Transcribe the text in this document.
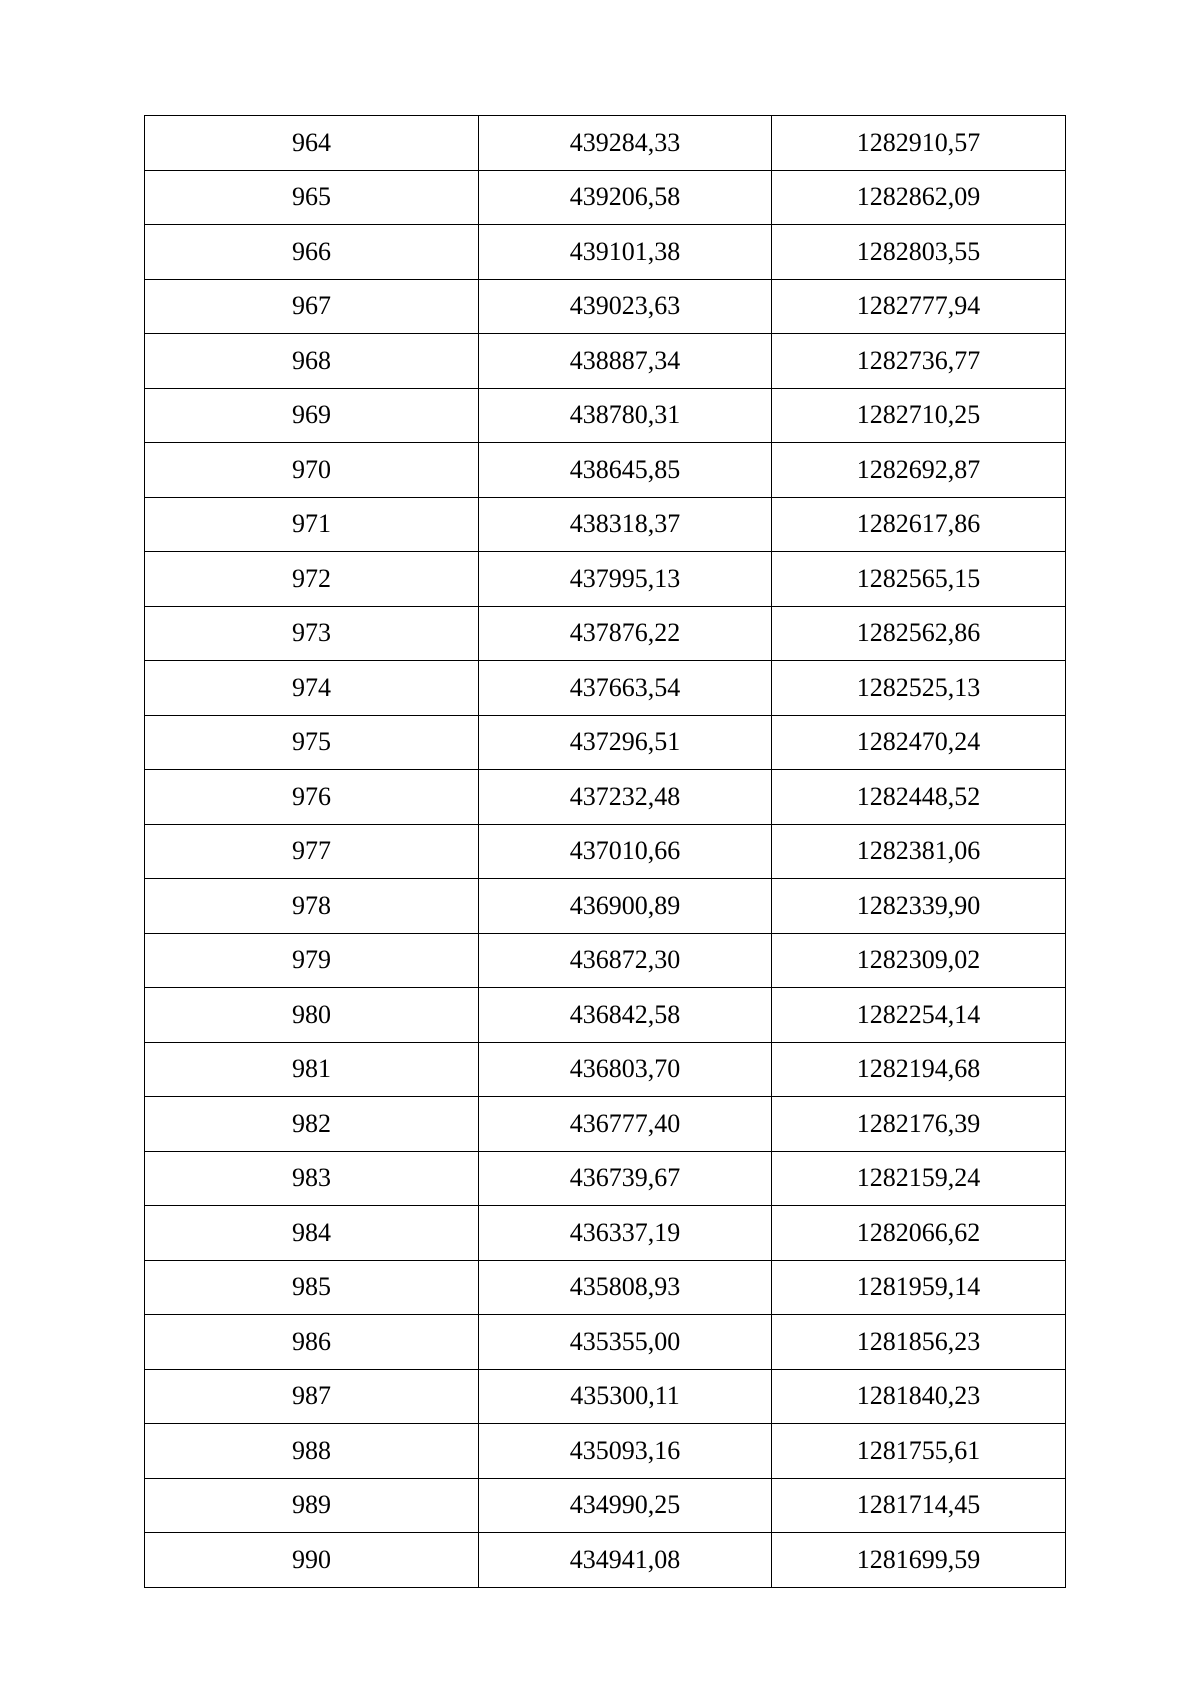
964	439284,33	1282910,57
965	439206,58	1282862,09
966	439101,38	1282803,55
967	439023,63	1282777,94
968	438887,34	1282736,77
969	438780,31	1282710,25
970	438645,85	1282692,87
971	438318,37	1282617,86
972	437995,13	1282565,15
973	437876,22	1282562,86
974	437663,54	1282525,13
975	437296,51	1282470,24
976	437232,48	1282448,52
977	437010,66	1282381,06
978	436900,89	1282339,90
979	436872,30	1282309,02
980	436842,58	1282254,14
981	436803,70	1282194,68
982	436777,40	1282176,39
983	436739,67	1282159,24
984	436337,19	1282066,62
985	435808,93	1281959,14
986	435355,00	1281856,23
987	435300,11	1281840,23
988	435093,16	1281755,61
989	434990,25	1281714,45
990	434941,08	1281699,59
